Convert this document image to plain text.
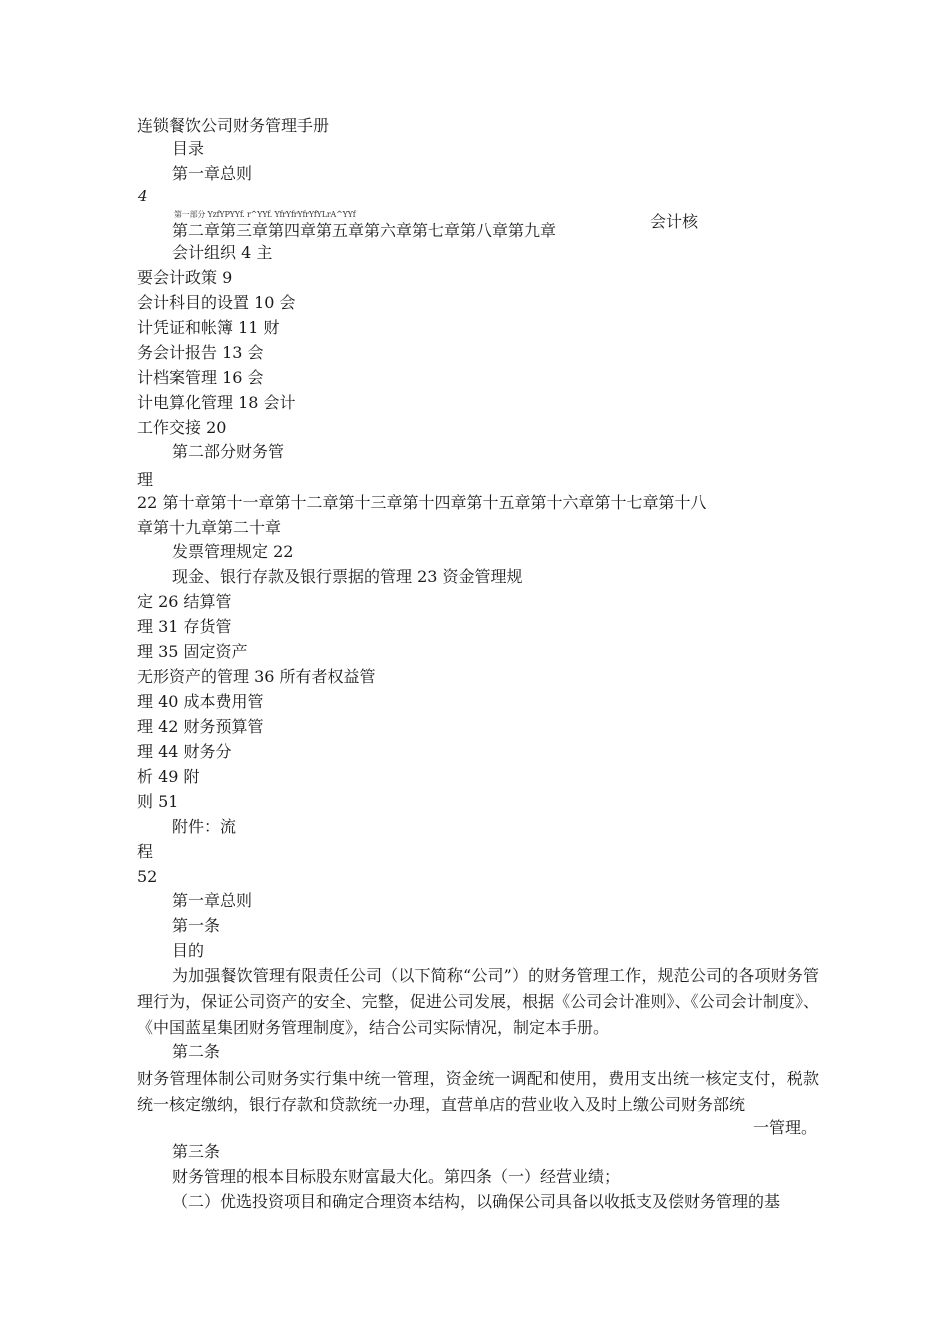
连锁餐饮公司财务管理手册
目录
第一章总则
4
第一部分 YzfYPYYf. r^YYf. YfrYfrYfrYfYLrA^YYf
第二章第三章第四章第五章第六章第七章第八章第九章	会计核
会计组织 4 主
要会计政策 9
会计科目的设置 10 会
计凭证和帐簿 11 财
务会计报告 13 会
计档案管理 16 会
计电算化管理 18 会计
工作交接 20
第二部分财务管
理
22 第十章第十一章第十二章第十三章第十四章第十五章第十六章第十七章第十八
章第十九章第二十章
发票管理规定 22
现金、银行存款及银行票据的管理 23 资金管理规
定 26 结算管
理 31 存货管
理 35 固定资产
无形资产的管理 36 所有者权益管
理 40 成本费用管
理 42 财务预算管
理 44 财务分
析 49 附
则 51
附件：流
程
52
第一章总则
第一条
目的
为加强餐饮管理有限责任公司（以下简称“公司”）的财务管理工作，规范公司的各项财务管理行为，保证公司资产的安全、完整，促进公司发展，根据《公司会计准则》、《公司会计制度》、《中国蓝星集团财务管理制度》，结合公司实际情况，制定本手册。
第二条
财务管理体制公司财务实行集中统一管理，资金统一调配和使用，费用支出统一核定支付，税款统一核定缴纳，银行存款和贷款统一办理，直营单店的营业收入及时上缴公司财务部统
一管理。
第三条
财务管理的根本目标股东财富最大化。第四条（一）经营业绩；
（二）优选投资项目和确定合理资本结构，以确保公司具备以收抵支及偿财务管理的基
